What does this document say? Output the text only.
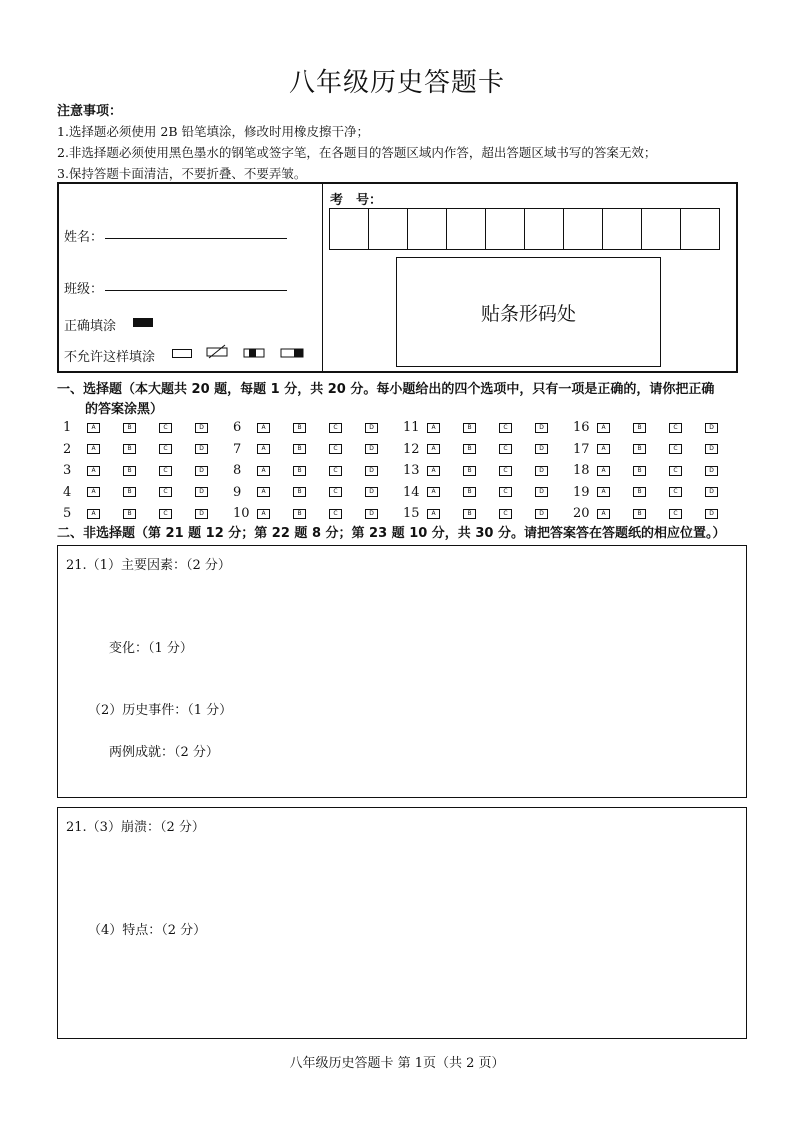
八年级历史答题卡
注意事项：
1.选择题必须使用 2B 铅笔填涂，修改时用橡皮擦干净；
2.非选择题必须使用黑色墨水的钢笔或签字笔，在各题目的答题区域内作答，超出答题区域书写的答案无效；
3.保持答题卡面清洁，不要折叠、不要弄皱。
姓名：
班级：
正确填涂
不允许这样填涂
考　号：
贴条形码处
一、选择题（本大题共 20 题，每题 1 分，共 20 分。每小题给出的四个选项中，只有一项是正确的，请你把正确
的答案涂黑）
1	A	B	C	D	6	A	B	C	D	11	A	B	C	D	16	A	B	C	D
2	A	B	C	D	7	A	B	C	D	12	A	B	C	D	17	A	B	C	D
3	A	B	C	D	8	A	B	C	D	13	A	B	C	D	18	A	B	C	D
4	A	B	C	D	9	A	B	C	D	14	A	B	C	D	19	A	B	C	D
5	A	B	C	D	10	A	B	C	D	15	A	B	C	D	20	A	B	C	D
二、非选择题（第 21 题 12 分；第 22 题 8 分；第 23 题 10 分，共 30 分。请把答案答在答题纸的相应位置。）
21.（1）主要因素：（2 分）
变化：（1 分）
（2）历史事件：（1 分）
两例成就：（2 分）
21.（3）崩溃：（2 分）
（4）特点：（2 分）
八年级历史答题卡 第 1页（共 2 页）
